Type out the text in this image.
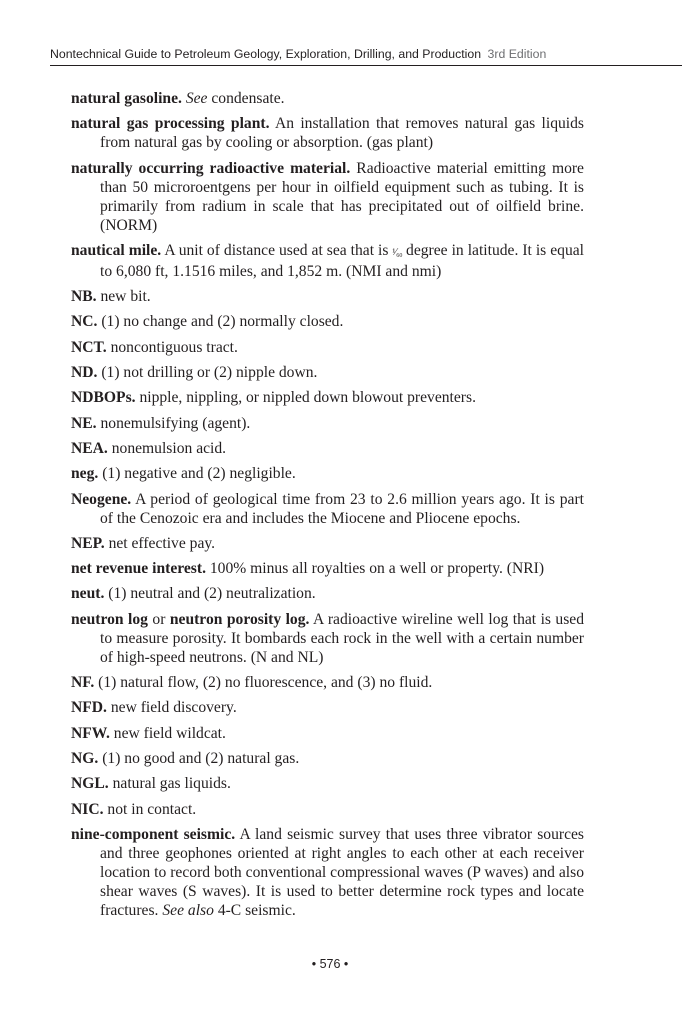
Nontechnical Guide to Petroleum Geology, Exploration, Drilling, and Production 3rd Edition

natural gasoline. See condensate.

natural gas processing plant. An installation that removes natural gas liquids from natural gas by cooling or absorption. (gas plant)

naturally occurring radioactive material. Radioactive material emitting more than 50 microroentgens per hour in oilfield equipment such as tubing. It is primarily from radium in scale that has precipitated out of oilfield brine. (NORM)

nautical mile. A unit of distance used at sea that is ¹⁄₆₀ degree in latitude. It is equal to 6,080 ft, 1.1516 miles, and 1,852 m. (NMI and nmi)

NB. new bit.

NC. (1) no change and (2) normally closed.

NCT. noncontiguous tract.

ND. (1) not drilling or (2) nipple down.

NDBOPs. nipple, nippling, or nippled down blowout preventers.

NE. nonemulsifying (agent).

NEA. nonemulsion acid.

neg. (1) negative and (2) negligible.

Neogene. A period of geological time from 23 to 2.6 million years ago. It is part of the Cenozoic era and includes the Miocene and Pliocene epochs.

NEP. net effective pay.

net revenue interest. 100% minus all royalties on a well or property. (NRI)

neut. (1) neutral and (2) neutralization.

neutron log or neutron porosity log. A radioactive wireline well log that is used to measure porosity. It bombards each rock in the well with a certain number of high-speed neutrons. (N and NL)

NF. (1) natural flow, (2) no fluorescence, and (3) no fluid.

NFD. new field discovery.

NFW. new field wildcat.

NG. (1) no good and (2) natural gas.

NGL. natural gas liquids.

NIC. not in contact.

nine-component seismic. A land seismic survey that uses three vibrator sources and three geophones oriented at right angles to each other at each receiver location to record both conventional compressional waves (P waves) and also shear waves (S waves). It is used to better determine rock types and locate fractures. See also 4-C seismic.

• 576 •
